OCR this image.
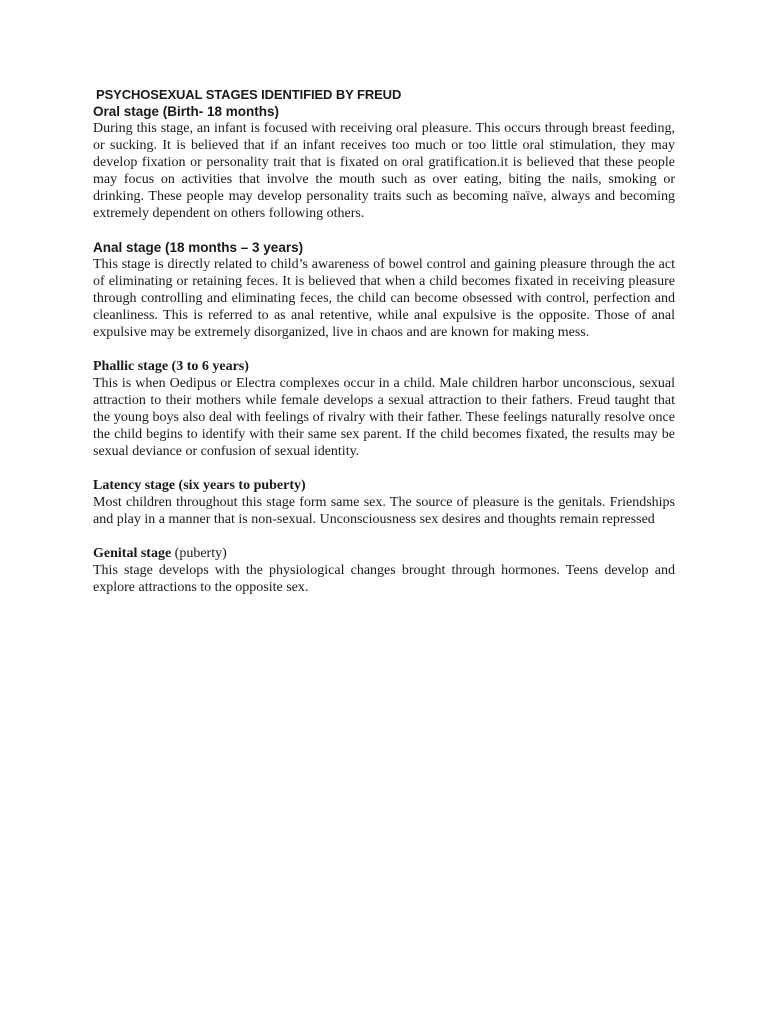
PSYCHOSEXUAL STAGES IDENTIFIED BY FREUD
Oral stage (Birth- 18 months)

During this stage, an infant is focused with receiving oral pleasure. This occurs through breast feeding, or sucking. It is believed that if an infant receives too much or too little oral stimulation, they may develop fixation or personality trait that is fixated on oral gratification.it is believed that these people may focus on activities that involve the mouth such as over eating, biting the nails, smoking or drinking. These people may develop personality traits such as becoming naïve, always and becoming extremely dependent on others following others.

Anal stage (18 months – 3 years)

This stage is directly related to child’s awareness of bowel control and gaining pleasure through the act of eliminating or retaining feces. It is believed that when a child becomes fixated in receiving pleasure through controlling and eliminating feces, the child can become obsessed with control, perfection and cleanliness. This is referred to as anal retentive, while anal expulsive is the opposite. Those of anal expulsive may be extremely disorganized, live in chaos and are known for making mess.

Phallic stage (3 to 6 years)

This is when Oedipus or Electra complexes occur in a child. Male children harbor unconscious, sexual attraction to their mothers while female develops a sexual attraction to their fathers. Freud taught that the young boys also deal with feelings of rivalry with their father. These feelings naturally resolve once the child begins to identify with their same sex parent. If the child becomes fixated, the results may be sexual deviance or confusion of sexual identity.

Latency stage (six years to puberty)

Most children throughout this stage form same sex. The source of pleasure is the genitals. Friendships and play in a manner that is non-sexual. Unconsciousness sex desires and thoughts remain repressed

Genital stage (puberty)

This stage develops with the physiological changes brought through hormones. Teens develop and explore attractions to the opposite sex.
